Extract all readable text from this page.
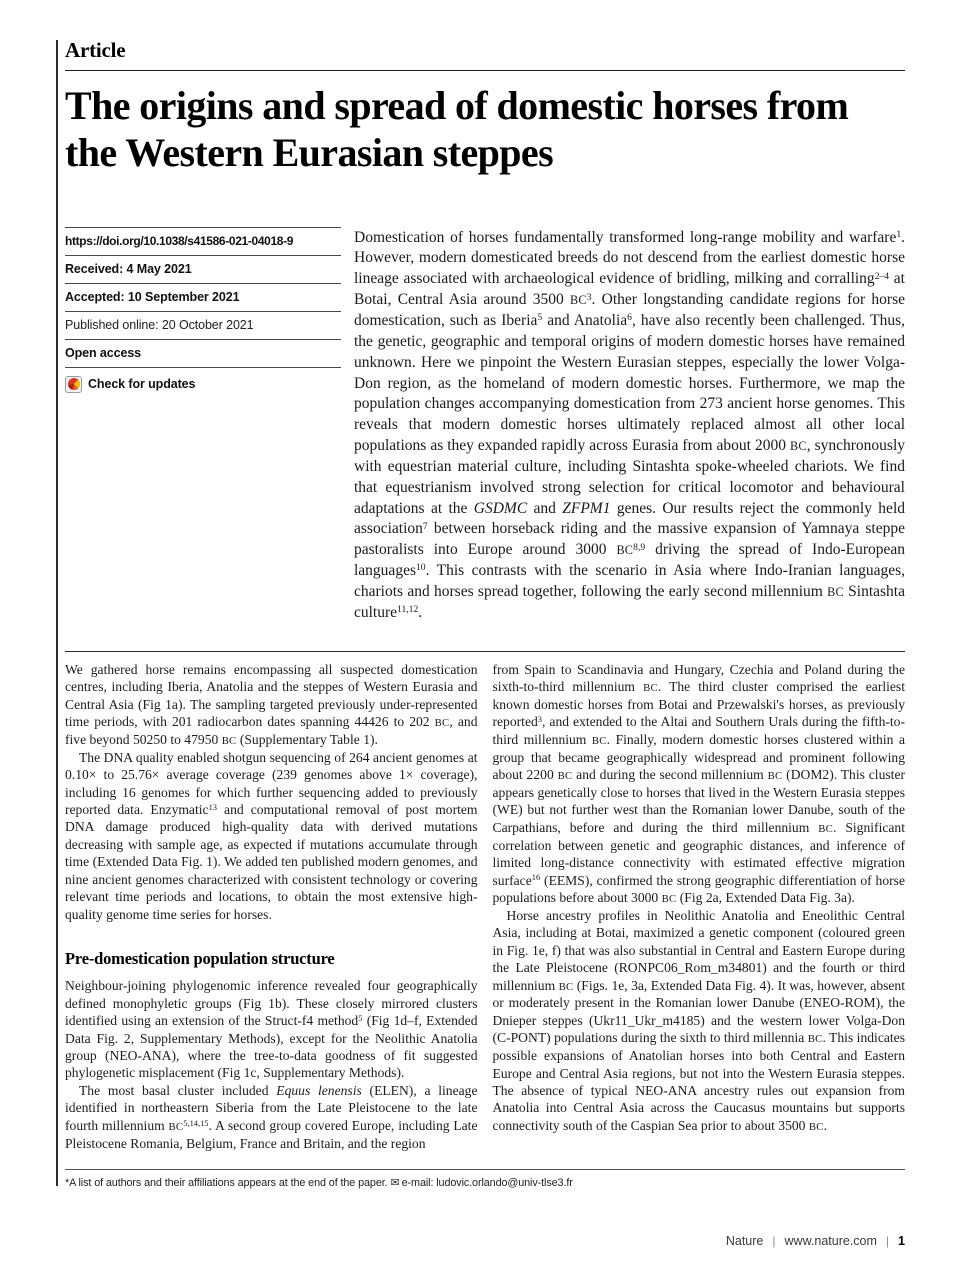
Article
The origins and spread of domestic horses from the Western Eurasian steppes
https://doi.org/10.1038/s41586-021-04018-9
Received: 4 May 2021
Accepted: 10 September 2021
Published online: 20 October 2021
Open access
Check for updates
Domestication of horses fundamentally transformed long-range mobility and warfare$^1$. However, modern domesticated breeds do not descend from the earliest domestic horse lineage associated with archaeological evidence of bridling, milking and corralling$^{2-4}$ at Botai, Central Asia around 3500 $BC^3$. Other longstanding candidate regions for horse domestication, such as Iberia$^5$ and Anatolia$^6$, have also recently been challenged. Thus, the genetic, geographic and temporal origins of modern domestic horses have remained unknown. Here we pinpoint the Western Eurasian steppes, especially the lower Volga-Don region, as the homeland of modern domestic horses. Furthermore, we map the population changes accompanying domestication from 273 ancient horse genomes. This reveals that modern domestic horses ultimately replaced almost all other local populations as they expanded rapidly across Eurasia from about 2000 BC, synchronously with equestrian material culture, including Sintashta spoke-wheeled chariots. We find that equestrianism involved strong selection for critical locomotor and behavioural adaptations at the GSDMC and ZFPM1 genes. Our results reject the commonly held association$^7$ between horseback riding and the massive expansion of Yamnaya steppe pastoralists into Europe around 3000 BC$^{8,9}$ driving the spread of Indo-European languages$^{10}$. This contrasts with the scenario in Asia where Indo-Iranian languages, chariots and horses spread together, following the early second millennium BC Sintashta culture$^{11,12}$.

We gathered horse remains encompassing all suspected domestication centres, including Iberia, Anatolia and the steppes of Western Eurasia and Central Asia (Fig 1a). The sampling targeted previously under-represented time periods, with 201 radiocarbon dates spanning 44426 to 202 BC, and five beyond 50250 to 47950 BC (Supplementary Table 1).

The DNA quality enabled shotgun sequencing of 264 ancient genomes at 0.10× to 25.76× average coverage (239 genomes above 1× coverage), including 16 genomes for which further sequencing added to previously reported data. Enzymatic$^{13}$ and computational removal of post mortem DNA damage produced high-quality data with derived mutations decreasing with sample age, as expected if mutations accumulate through time (Extended Data Fig. 1). We added ten published modern genomes, and nine ancient genomes characterized with consistent technology or covering relevant time periods and locations, to obtain the most extensive high-quality genome time series for horses.

Pre-domestication population structure

Neighbour-joining phylogenomic inference revealed four geographically defined monophyletic groups (Fig 1b). These closely mirrored clusters identified using an extension of the Struct-f4 method$^5$ (Fig 1d–f, Extended Data Fig. 2, Supplementary Methods), except for the Neolithic Anatolia group (NEO-ANA), where the tree-to-data goodness of fit suggested phylogenetic misplacement (Fig 1c, Supplementary Methods).

The most basal cluster included Equus lenensis (ELEN), a lineage identified in northeastern Siberia from the Late Pleistocene to the late fourth millennium BC$^{5,14,15}$. A second group covered Europe, including Late Pleistocene Romania, Belgium, France and Britain, and the region

from Spain to Scandinavia and Hungary, Czechia and Poland during the sixth-to-third millennium BC. The third cluster comprised the earliest known domestic horses from Botai and Przewalski's horses, as previously reported$^3$, and extended to the Altai and Southern Urals during the fifth-to-third millennium BC. Finally, modern domestic horses clustered within a group that became geographically widespread and prominent following about 2200 BC and during the second millennium BC (DOM2). This cluster appears genetically close to horses that lived in the Western Eurasia steppes (WE) but not further west than the Romanian lower Danube, south of the Carpathians, before and during the third millennium BC. Significant correlation between genetic and geographic distances, and inference of limited long-distance connectivity with estimated effective migration surface$^{16}$ (EEMS), confirmed the strong geographic differentiation of horse populations before about 3000 BC (Fig 2a, Extended Data Fig. 3a).

Horse ancestry profiles in Neolithic Anatolia and Eneolithic Central Asia, including at Botai, maximized a genetic component (coloured green in Fig. 1e, f) that was also substantial in Central and Eastern Europe during the Late Pleistocene (RONPC06_Rom_m34801) and the fourth or third millennium BC (Figs. 1e, 3a, Extended Data Fig. 4). It was, however, absent or moderately present in the Romanian lower Danube (ENEO-ROM), the Dnieper steppes (Ukr11_Ukr_m4185) and the western lower Volga-Don (C-PONT) populations during the sixth to third millennia BC. This indicates possible expansions of Anatolian horses into both Central and Eastern Europe and Central Asia regions, but not into the Western Eurasia steppes. The absence of typical NEO-ANA ancestry rules out expansion from Anatolia into Central Asia across the Caucasus mountains but supports connectivity south of the Caspian Sea prior to about 3500 BC.

*A list of authors and their affiliations appears at the end of the paper. ✉ e-mail: ludovic.orlando@univ-tlse3.fr
Nature | www.nature.com | 1
